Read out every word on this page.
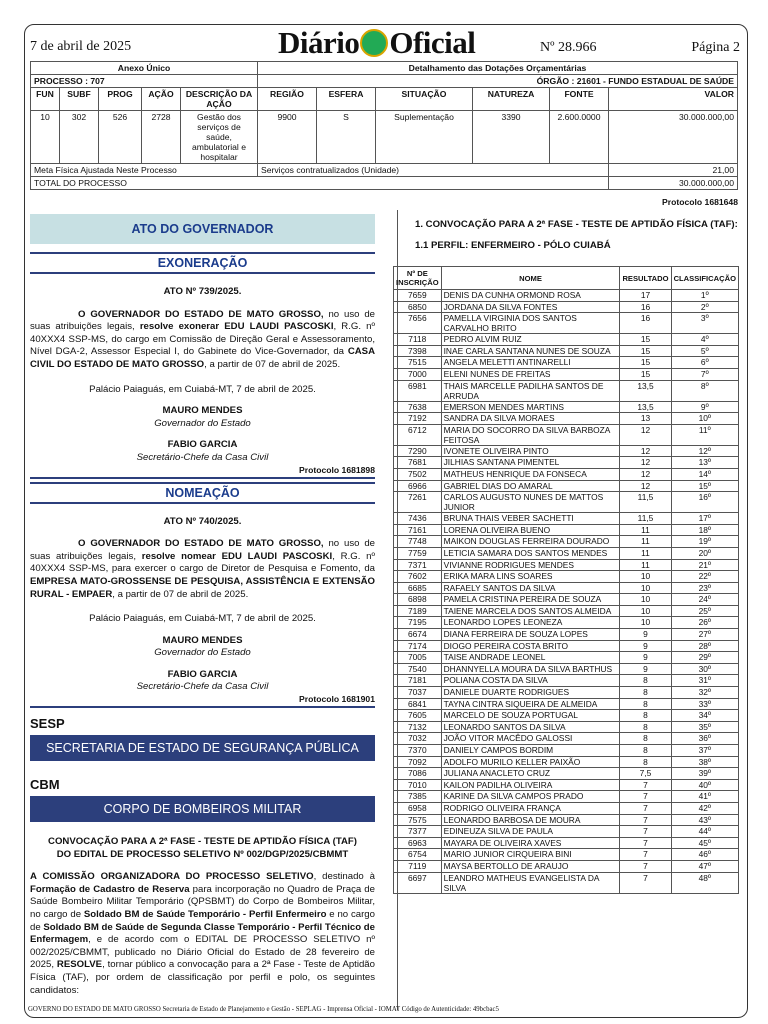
7 de abril de 2025	Diário Oficial	Nº 28.966	Página 2
Anexo Único					Detalhamento das Dotações Orçamentárias					
PROCESSO : 707					ÓRGÃO : 21601 - FUNDO ESTADUAL DE SAÚDE					
FUN	SUBF	PROG	AÇÃO	DESCRIÇÃO DA AÇÃO	REGIÃO	ESFERA	SITUAÇÃO	NATUREZA	FONTE	VALOR
10	302	526	2728	Gestão dos serviços de saúde, ambulatorial e hospitalar	9900	S	Suplementação	3390	2.600.0000	30.000.000,00
Meta Física Ajustada Neste Processo					Serviços contratualizados (Unidade)					21,00
TOTAL DO PROCESSO										30.000.000,00
Protocolo 1681648
ATO DO GOVERNADOR
EXONERAÇÃO

ATO Nº 739/2025.

O GOVERNADOR DO ESTADO DE MATO GROSSO, no uso de suas atribuições legais, resolve exonerar EDU LAUDI PASCOSKI, R.G. nº 40XXX4 SSP-MS, do cargo em Comissão de Direção Geral e Assessoramento, Nível DGA-2, Assessor Especial I, do Gabinete do Vice-Governador, da CASA CIVIL DO ESTADO DE MATO GROSSO, a partir de 07 de abril de 2025.

Palácio Paiaguás, em Cuiabá-MT, 7 de abril de 2025.

MAURO MENDES

Governador do Estado

FABIO GARCIA

Secretário-Chefe da Casa Civil

Protocolo 1681898
NOMEAÇÃO

ATO Nº 740/2025.

O GOVERNADOR DO ESTADO DE MATO GROSSO, no uso de suas atribuições legais, resolve nomear EDU LAUDI PASCOSKI, R.G. nº 40XXX4 SSP-MS, para exercer o cargo de Diretor de Pesquisa e Fomento, da EMPRESA MATO-GROSSENSE DE PESQUISA, ASSISTÊNCIA E EXTENSÃO RURAL - EMPAER, a partir de 07 de abril de 2025.

Palácio Paiaguás, em Cuiabá-MT, 7 de abril de 2025.

MAURO MENDES

Governador do Estado

FABIO GARCIA

Secretário-Chefe da Casa Civil

Protocolo 1681901
SESP
SECRETARIA DE ESTADO DE SEGURANÇA PÚBLICA
CBM
CORPO DE BOMBEIROS MILITAR

CONVOCAÇÃO PARA A 2ª FASE - TESTE DE APTIDÃO FÍSICA (TAF)

DO EDITAL DE PROCESSO SELETIVO Nº 002/DGP/2025/CBMMT

A COMISSÃO ORGANIZADORA DO PROCESSO SELETIVO, destinado à Formação de Cadastro de Reserva para incorporação no Quadro de Praça de Saúde Bombeiro Militar Temporário (QPSBMT) do Corpo de Bombeiros Militar, no cargo de Soldado BM de Saúde Temporário - Perfil Enfermeiro e no cargo de Soldado BM de Saúde de Segunda Classe Temporário - Perfil Técnico de Enfermagem, e de acordo com o EDITAL DE PROCESSO SELETIVO nº 002/2025/CBMMT, publicado no Diário Oficial do Estado de 28 fevereiro de 2025, RESOLVE, tornar público a convocação para a 2ª Fase - Teste de Aptidão Física (TAF), por ordem de classificação por perfil e polo, os seguintes candidatos:

1. CONVOCAÇÃO PARA A 2ª FASE - TESTE DE APTIDÃO FÍSICA (TAF):

1.1 PERFIL: ENFERMEIRO - PÓLO CUIABÁ

Nº DE INSCRIÇÃO	NOME	RESULTADO	CLASSIFICAÇÃO
7659	DENIS DA CUNHA ORMOND ROSA	17	1º
6850	JORDANA DA SILVA FONTES	16	2º
7656	PAMELLA VIRGINIA DOS SANTOS CARVALHO BRITO	16	3º
7118	PEDRO ALVIM RUIZ	15	4º
7398	INAE CARLA SANTANA NUNES DE SOUZA	15	5º
7515	ANGELA MELETTI ANTINARELLI	15	6º
7000	ELENI NUNES DE FREITAS	15	7º
6981	THAIS MARCELLE PADILHA SANTOS DE ARRUDA	13,5	8º
7638	EMERSON MENDES MARTINS	13,5	9º
7192	SANDRA DA SILVA MORAES	13	10º
6712	MARIA DO SOCORRO DA SILVA BARBOZA FEITOSA	12	11º
7290	IVONETE OLIVEIRA PINTO	12	12º
7681	JILHIAS SANTANA PIMENTEL	12	13º
7502	MATHEUS HENRIQUE DA FONSECA	12	14º
6966	GABRIEL DIAS DO AMARAL	12	15º
7261	CARLOS AUGUSTO NUNES DE MATTOS JUNIOR	11,5	16º
7436	BRUNA THAIS VEBER SACHETTI	11,5	17º
7161	LORENA OLIVEIRA BUENO	11	18º
7748	MAIKON DOUGLAS FERREIRA DOURADO	11	19º
7759	LETICIA SAMARA DOS SANTOS MENDES	11	20º
7371	VIVIANNE RODRIGUES MENDES	11	21º
7602	ERIKA MARA LINS SOARES	10	22º
6685	RAFAELY SANTOS DA SILVA	10	23º
6898	PAMELA CRISTINA PEREIRA DE SOUZA	10	24º
7189	TAIENE MARCELA DOS SANTOS ALMEIDA	10	25º
7195	LEONARDO LOPES LEONEZA	10	26º
6674	DIANA FERREIRA DE SOUZA LOPES	9	27º
7174	DIOGO PEREIRA COSTA BRITO	9	28º
7005	TAISE ANDRADE LEONEL	9	29º
7540	DHANNYELLA MOURA DA SILVA BARTHUS	9	30º
7181	POLIANA COSTA DA SILVA	8	31º
7037	DANIELE DUARTE RODRIGUES	8	32º
6841	TAYNA CINTRA SIQUEIRA DE ALMEIDA	8	33º
7605	MARCELO DE SOUZA PORTUGAL	8	34º
7132	LEONARDO SANTOS DA SILVA	8	35º
7032	JOÃO VITOR MACÊDO GALOSSI	8	36º
7370	DANIELY CAMPOS BORDIM	8	37º
7092	ADOLFO MURILO KELLER PAIXÃO	8	38º
7086	JULIANA ANACLETO CRUZ	7,5	39º
7010	KAILON PADILHA OLIVEIRA	7	40º
7385	KARINE DA SILVA CAMPOS PRADO	7	41º
6958	RODRIGO OLIVEIRA FRANÇA	7	42º
7575	LEONARDO BARBOSA DE MOURA	7	43º
7377	EDINEUZA SILVA DE PAULA	7	44º
6963	MAYARA DE OLIVEIRA XAVES	7	45º
6754	MARIO JUNIOR CIRQUEIRA BINI	7	46º
7119	MAYSA BERTOLLO DE ARAUJO	7	47º
6697	LEANDRO MATHEUS EVANGELISTA DA SILVA	7	48º
GOVERNO DO ESTADO DE MATO GROSSO Secretaria de Estado de Planejamento e Gestão - SEPLAG - Imprensa Oficial - IOMAT Código de Autenticidade: 49bcbac5
